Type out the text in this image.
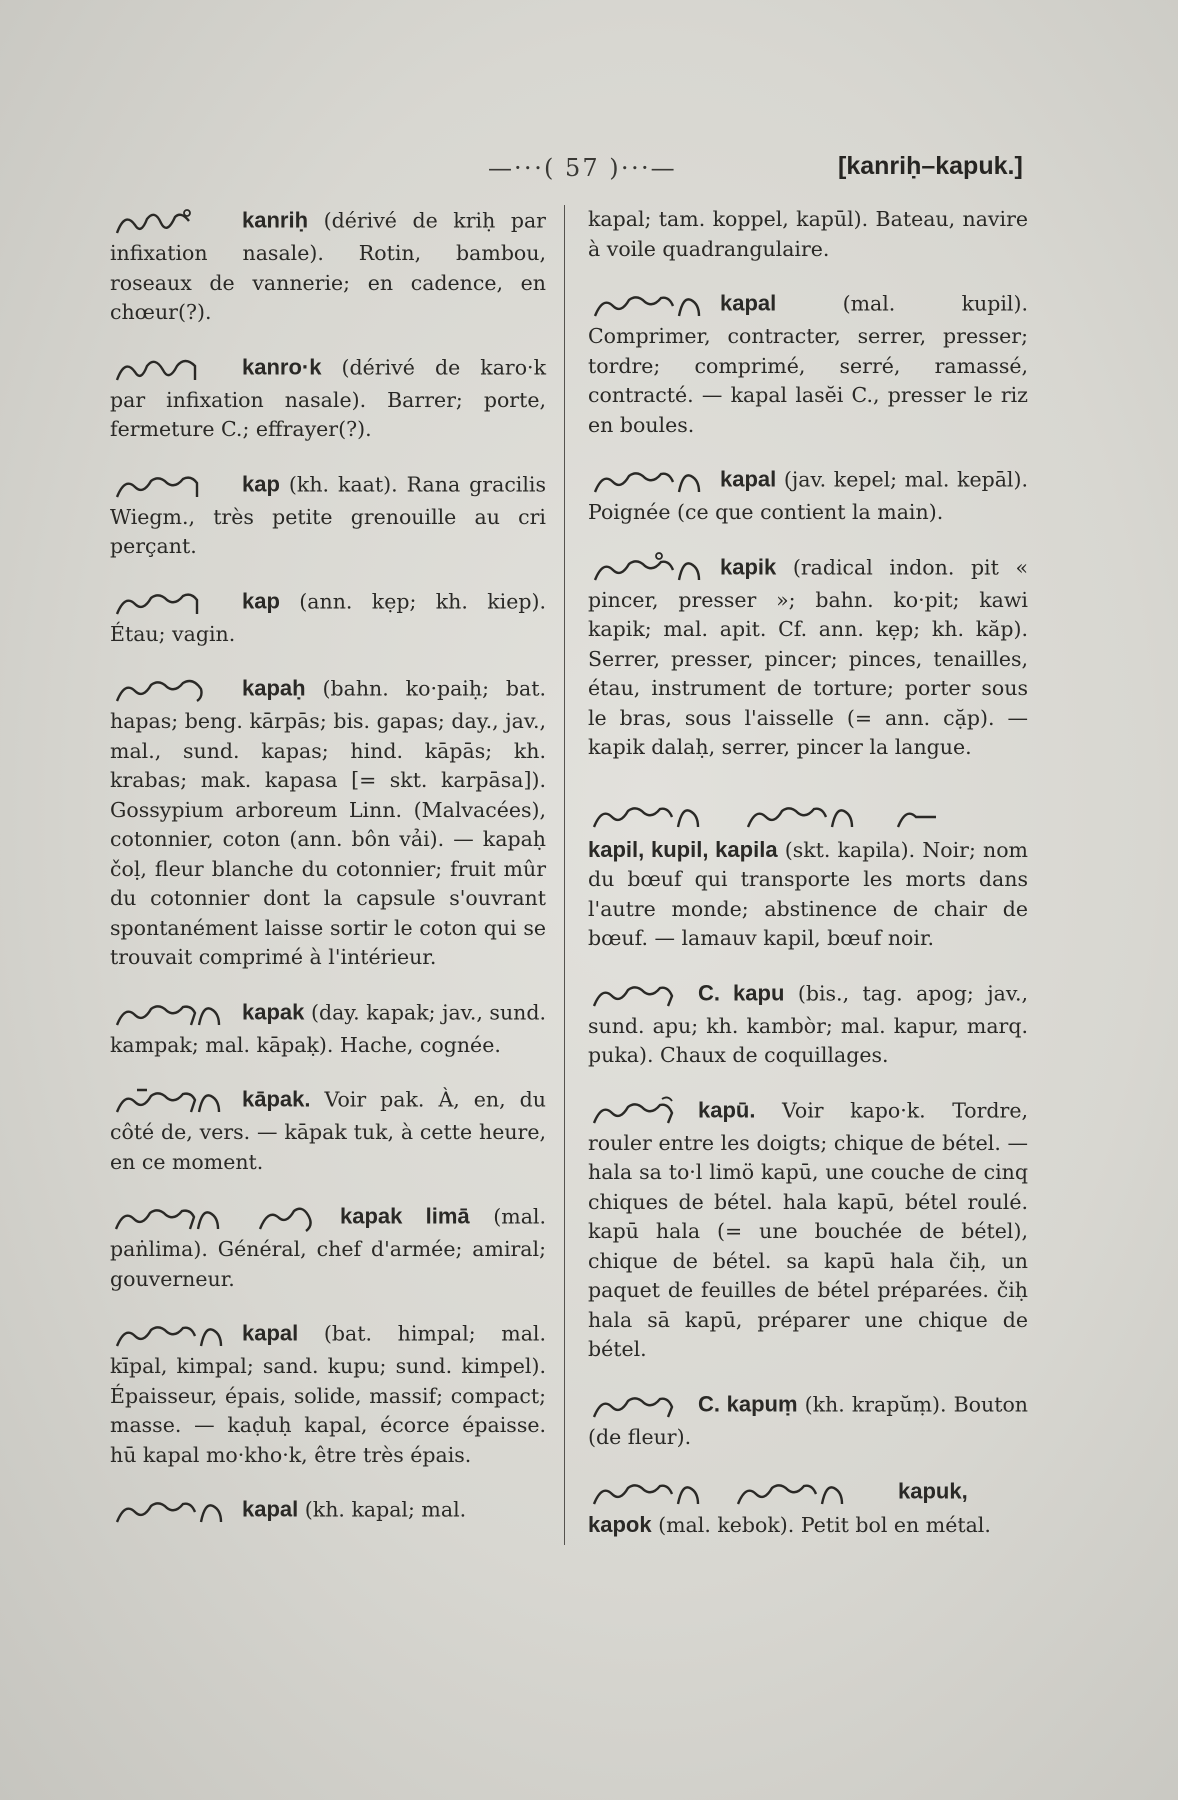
—·⋅⋅( 57 )⋅⋅·—	[kanriḥ–kapuk.]

kanriḥ (dérivé de kriḥ par infixation nasale). Rotin, bambou, roseaux de vannerie; en cadence, en chœur(?).

kanro·k (dérivé de karo·k par infixation nasale). Barrer; porte, fermeture C.; effrayer(?).

kap (kh. kaat). Rana gracilis Wiegm., très petite grenouille au cri perçant.

kap (ann. kẹp; kh. kiep). Étau; vagin.

kapaḥ (bahn. ko·paiḥ; bat. hapas; beng. kārpās; bis. gapas; day., jav., mal., sund. kapas; hind. kāpās; kh. krabas; mak. kapasa [= skt. karpāsa]). Gossypium arboreum Linn. (Malvacées), cotonnier, coton (ann. bôn vải). — kapaḥ čoḷ, fleur blanche du cotonnier; fruit mûr du cotonnier dont la capsule s'ouvrant spontanément laisse sortir le coton qui se trouvait comprimé à l'intérieur.

kapak (day. kapak; jav., sund. kampak; mal. kāpaḳ). Hache, cognée.

kāpak. Voir pak. À, en, du côté de, vers. — kāpak tuk, à cette heure, en ce moment.

kapak limā (mal. paṅlima). Général, chef d'armée; amiral; gouverneur.

kapal (bat. himpal; mal. kīpal, kimpal; sand. kupu; sund. kimpel). Épaisseur, épais, solide, massif; compact; masse. — kaḍuḥ kapal, écorce épaisse. hū kapal mo·kho·k, être très épais.

kapal (kh. kapal; mal.

kapal; tam. koppel, kapūl). Bateau, navire à voile quadrangulaire.

kapal (mal. kupil). Comprimer, contracter, serrer, presser; tordre; comprimé, serré, ramassé, contracté. — kapal lasĕi C., presser le riz en boules.

kapal (jav. kepel; mal. kepāl). Poignée (ce que contient la main).

kapik (radical indon. pit « pincer, presser »; bahn. ko·pit; kawi kapik; mal. apit. Cf. ann. kẹp; kh. kăp). Serrer, presser, pincer; pinces, tenailles, étau, instrument de torture; porter sous le bras, sous l'aisselle (= ann. cặp). — kapik dalaḥ, serrer, pincer la langue.

kapil, kupil, kapila (skt. kapila). Noir; nom du bœuf qui transporte les morts dans l'autre monde; abstinence de chair de bœuf. — lamauv kapil, bœuf noir.

C. kapu (bis., tag. apog; jav., sund. apu; kh. kambòr; mal. kapur, marq. puka). Chaux de coquillages.

kapū. Voir kapo·k. Tordre, rouler entre les doigts; chique de bétel. — hala sa to·l limö kapū, une couche de cinq chiques de bétel. hala kapū, bétel roulé. kapū hala (= une bouchée de bétel), chique de bétel. sa kapū hala čiḥ, un paquet de feuilles de bétel préparées. čiḥ hala sā kapū, préparer une chique de bétel.

C. kapuṃ (kh. krapŭṃ). Bouton (de fleur).

kapuk,

kapok (mal. kebok). Petit bol en métal.
